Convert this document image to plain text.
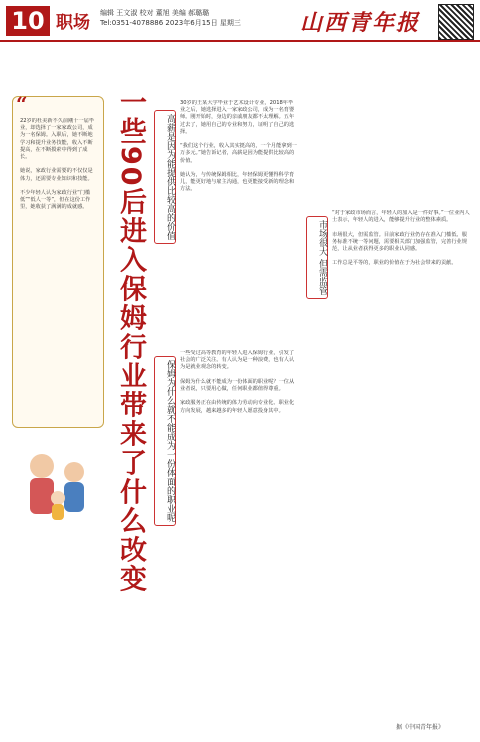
10 职场 编辑 王文淑 校对 董旭 美编 郝璐璐
Tel:0351-4078886 2023年6月15日 星期三	山西青年报
“
22岁的杜美新不久前剛十一届毕业，却选择了一家家政公司，成为一名保姆。入职后，她不断地学习和提升业务技能，收入不断提高，在不断摸索中得到了成长。

她说，家政行业需要的不仅仅是体力，还需要专业知识和技能。

不少年轻人认为家政行业“门槛低”“低人一等”，但在这份工作里，她收获了满满的成就感。	一些90后进入保姆行业带来了什么改变	高薪是因为能提供比较高的价值
30岁的王某大学毕业于艺术设计专业，2018年毕业之后，她选择进入一家家政公司，成为一名育婴师。刚开始时，身边的亲戚朋友都不太理解。五年过去了，她用自己的专业和努力，证明了自己的选择。

“我们这个行业，收入其实挺高的，一个月能拿到一万多元。”她告诉记者，高薪是因为能提供比较高的价值。

她认为，与传统保姆相比，年轻保姆更懂得科学育儿，能更好地与雇主沟通，也更能接受新的理念和方法。
保姆为什么就不能成为一份体面的职业呢
一些受过高等教育的年轻人进入保姆行业，引发了社会的广泛关注。有人认为是一种浪费，也有人认为是就业观念的转变。

保姆为什么就不能成为一份体面的职业呢？一位从业者说，只要用心做，任何职业都值得尊重。

家政服务正在由传统的体力劳动向专业化、职业化方向发展，越来越多的年轻人愿意投身其中。
市场很大 但需监管
“对于家政市场而言，年轻人的加入是一件好事。”一位业内人士表示，年轻人的进入，能够提升行业的整体素质。

市场很大，但需监管。目前家政行业仍存在准入门槛低、服务标准不统一等问题，需要相关部门加强监管，完善行业规范，让从业者获得更多的职业认同感。

工作总是平等的，职业的价值在于为社会带来的贡献。
据《中国青年报》
